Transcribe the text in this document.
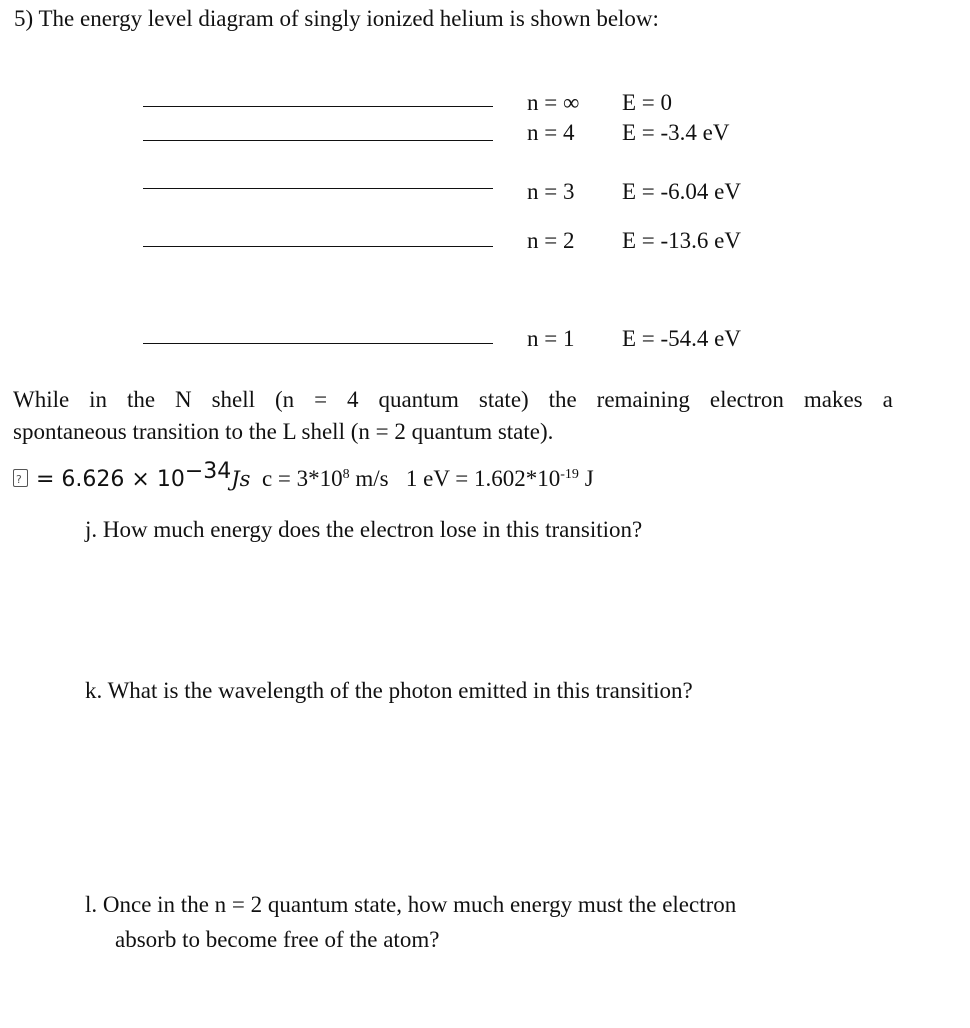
5) The energy level diagram of singly ionized helium is shown below:
n = ∞ E = 0
n = 4 E = -3.4 eV
n = 3 E = -6.04 eV
n = 2 E = -13.6 eV
n = 1 E = -54.4 eV
While in the N shell (n = 4 quantum state) the remaining electron makes a
spontaneous transition to the L shell (n = 2 quantum state).
?= $6.626 \times 10^{-34}Js$ $c = 3*10^8$ m/s 1 eV = $1.602*10^{-19}$ J
j. How much energy does the electron lose in this transition?
k. What is the wavelength of the photon emitted in this transition?
l. Once in the n = 2 quantum state, how much energy must the electron
absorb to become free of the atom?
